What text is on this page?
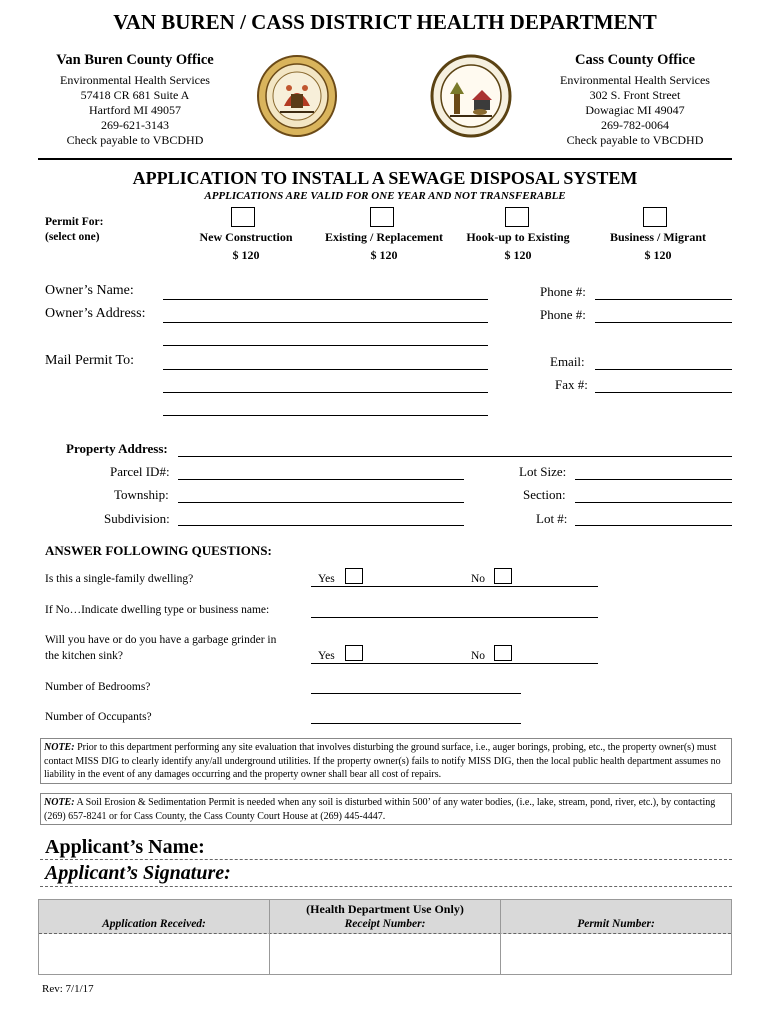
VAN BUREN / CASS DISTRICT HEALTH DEPARTMENT
Van Buren County Office
Environmental Health Services
57418 CR 681 Suite A
Hartford MI 49057
269-621-3143
Check payable to VBCDHD
Cass County Office
Environmental Health Services
302 S. Front Street
Dowagiac MI 49047
269-782-0064
Check payable to VBCDHD
APPLICATION TO INSTALL A SEWAGE DISPOSAL SYSTEM
APPLICATIONS ARE VALID FOR ONE YEAR AND NOT TRANSFERABLE
Permit For:
(select one)	New Construction
$ 120
Existing / Replacement
$ 120
Hook-up to Existing
$ 120
Business / Migrant
$ 120
Owner’s Name:	Phone #:
Owner’s Address:	Phone #:
Mail Permit To:	Email:
Fax #:
Property Address:
Parcel ID#:	Lot Size:
Township:	Section:
Subdivision:	Lot #:
ANSWER FOLLOWING QUESTIONS:
Is this a single-family dwelling?	Yes	No
If No…Indicate dwelling type or business name:
Will you have or do you have a garbage grinder in
the kitchen sink?	Yes	No
Number of Bedrooms?
Number of Occupants?
NOTE: Prior to this department performing any site evaluation that involves disturbing the ground surface, i.e., auger borings, probing, etc., the property owner(s) must contact MISS DIG to clearly identify any/all underground utilities. If the property owner(s) fails to notify MISS DIG, then the local public health department assumes no liability in the event of any damages occurring and the property owner shall bear all cost of repairs.
NOTE: A Soil Erosion & Sedimentation Permit is needed when any soil is disturbed within 500’ of any water bodies, (i.e., lake, stream, pond, river, etc.), by contacting (269) 657-8241 or for Cass County, the Cass County Court House at (269) 445-4447.
Applicant’s Name:
Applicant’s Signature:
(Health Department Use Only)
Application Received:	Receipt Number:	Permit Number:
Rev: 7/1/17
